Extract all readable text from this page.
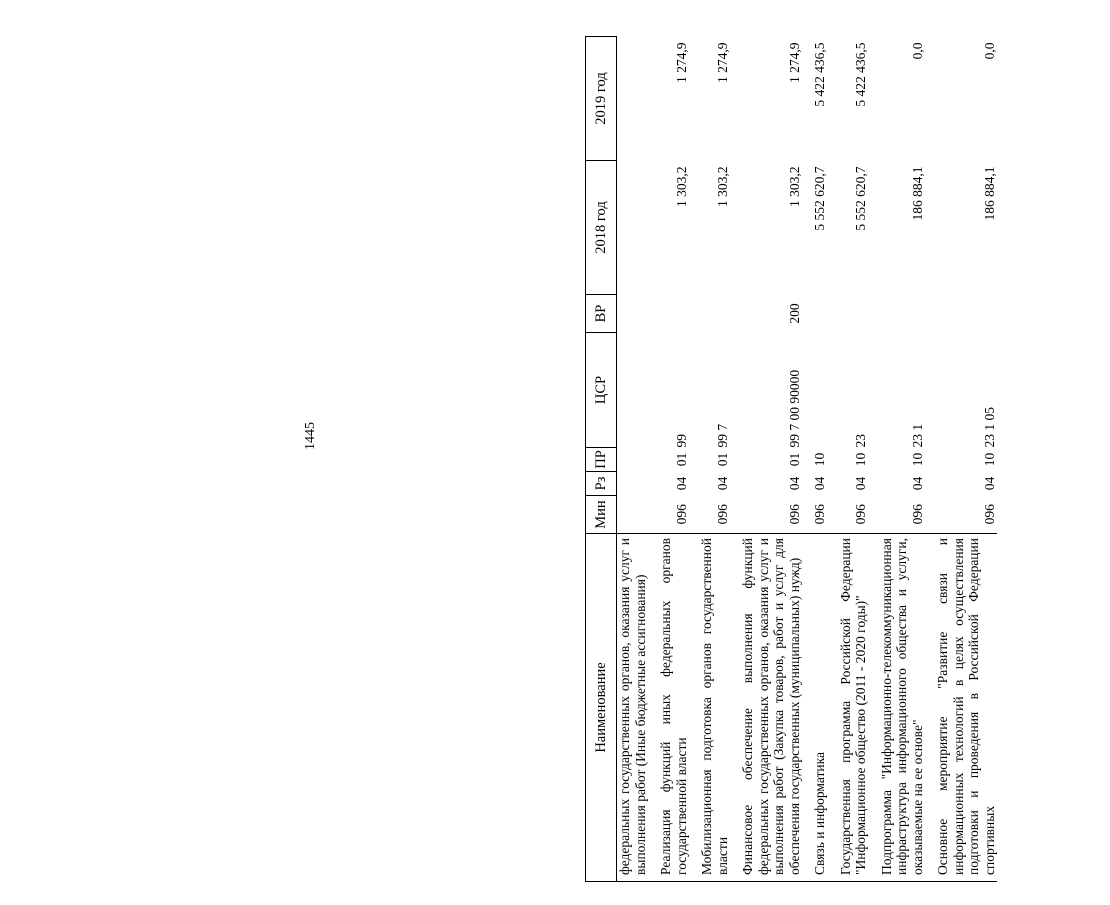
1445
Наименование	Мин	Рз	ПР	ЦСР	ВР	2018 год	2019 год
федеральных государственных органов, оказания услуг и выполнения работ (Иные бюджетные ассигнования)							

Реализация функций иных федеральных органов государственной власти	096	04	01	99		1 303,2	1 274,9

Мобилизационная подготовка органов государственной власти	096	04	01	99 7		1 303,2	1 274,9

Финансовое обеспечение выполнения функций федеральных государственных органов, оказания услуг и выполнения работ (Закупка товаров, работ и услуг для обеспечения государственных (муниципальных) нужд)	096	04	01	99 7 00 90000	200	1 303,2	1 274,9

Связь и информатика	096	04	10			5 552 620,7	5 422 436,5

Государственная программа Российской Федерации "Информационное общество (2011 - 2020 годы)"	096	04	10	23		5 552 620,7	5 422 436,5

Подпрограмма "Информационно-телекоммуникационная инфраструктура информационного общества и услуги, оказываемые на ее основе"	096	04	10	23 1		186 884,1	0,0

Основное мероприятие "Развитие связи и информационных технологий в целях осуществления подготовки и проведения в Российской Федерации спортивных	096	04	10	23 1 05		186 884,1	0,0
